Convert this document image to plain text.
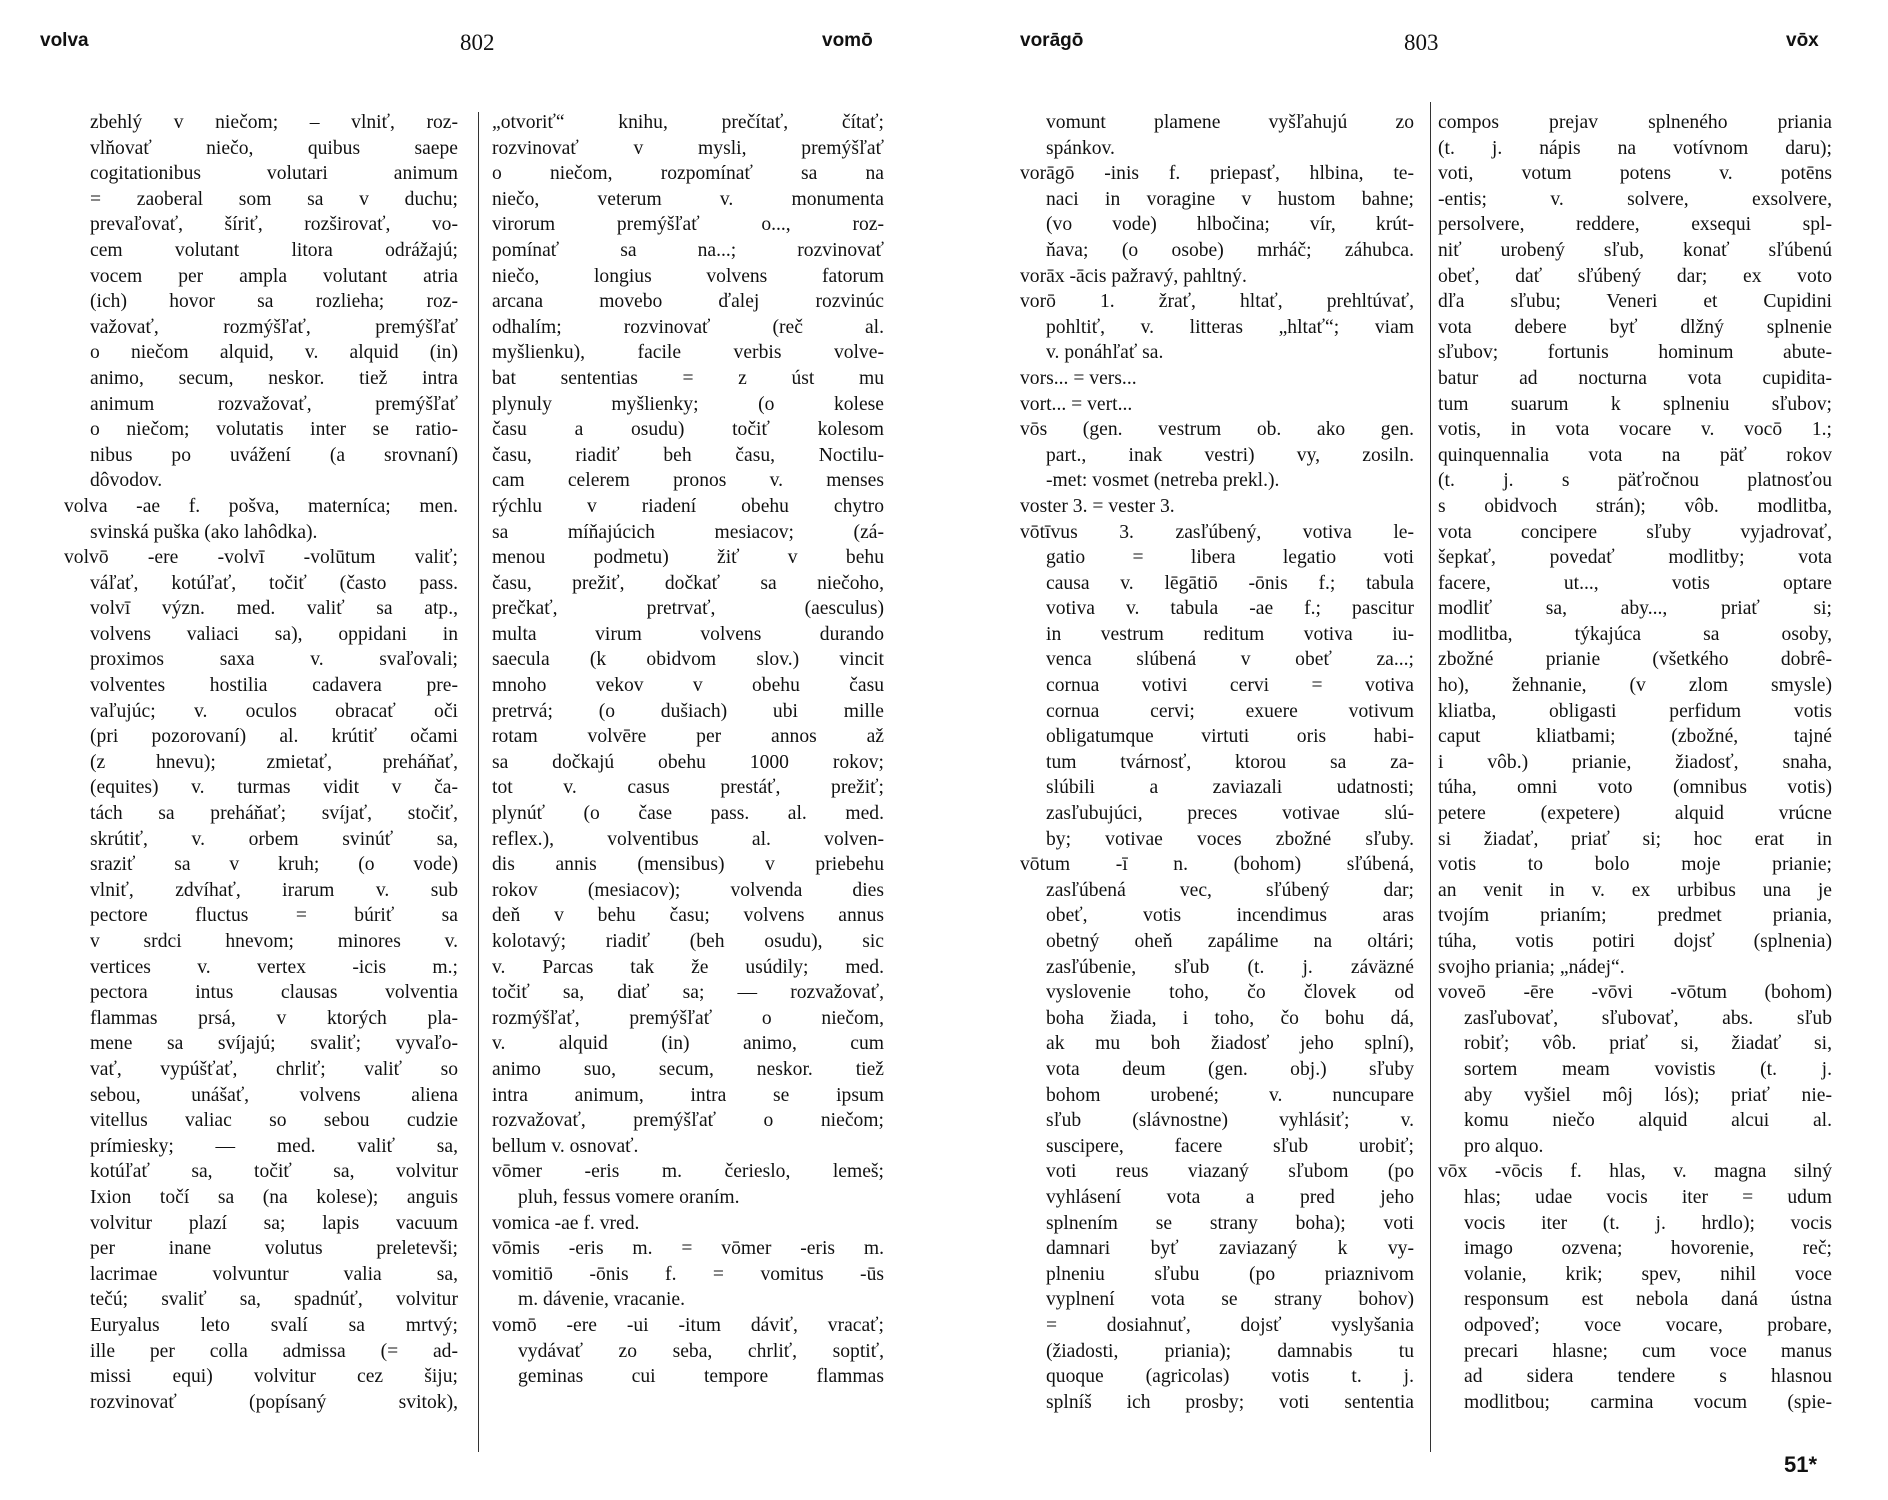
volva	802	vomō
zbehlý v niečom; – vlniť, roz-
vlňovať niečo, quibus saepe
cogitationibus volutari animum
= zaoberal som sa v duchu;
prevaľovať, šíriť, rozširovať, vo-
cem volutant litora odrážajú;
vocem per ampla volutant atria
(ich) hovor sa rozlieha; roz-
važovať, rozmýšľať, premýšľať
o niečom alquid, v. alquid (in)
animo, secum, neskor. tiež intra
animum rozvažovať, premýšľať
o niečom; volutatis inter se ratio-
nibus po uvážení (a srovnaní)
dôvodov.
volva -ae f. pošva, materníca; men.
svinská puška (ako lahôdka).
volvō -ere -volvī -volūtum valiť;
váľať, kotúľať, točiť (často pass.
volvī význ. med. valiť sa atp.,
volvens valiaci sa), oppidani in
proximos saxa v. svaľovali;
volventes hostilia cadavera pre-
vaľujúc; v. oculos obracať oči
(pri pozorovaní) al. krútiť očami
(z hnevu); zmietať, preháňať,
(equites) v. turmas vidit v ča-
tách sa preháňať; svíjať, stočiť,
skrútiť, v. orbem svinúť sa,
sraziť sa v kruh; (o vode)
vlniť, zdvíhať, irarum v. sub
pectore fluctus = búriť sa
v srdci hnevom; minores v.
vertices v. vertex -icis m.;
pectora intus clausas volventia
flammas prsá, v ktorých pla-
mene sa svíjajú; svaliť; vyvaľo-
vať, vypúšťať, chrliť; valiť so
sebou, unášať, volvens aliena
vitellus valiac so sebou cudzie
prímiesky; — med. valiť sa,
kotúľať sa, točiť sa, volvitur
Ixion točí sa (na kolese); anguis
volvitur plazí sa; lapis vacuum
per inane volutus preletevši;
lacrimae volvuntur valia sa,
tečú; svaliť sa, spadnúť, volvitur
Euryalus leto svalí sa mrtvý;
ille per colla admissa (= ad-
missi equi) volvitur cez šiju;
rozvinovať (popísaný svitok),
„otvoriť“ knihu, prečítať, čítať;
rozvinovať v mysli, premýšľať
o niečom, rozpomínať sa na
niečo, veterum v. monumenta
virorum premýšľať o..., roz-
pomínať sa na...; rozvinovať
niečo, longius volvens fatorum
arcana movebo ďalej rozvinúc
odhalím; rozvinovať (reč al.
myšlienku), facile verbis volve-
bat sententias = z úst mu
plynuly myšlienky; (o kolese
času a osudu) točiť kolesom
času, riadiť beh času, Noctilu-
cam celerem pronos v. menses
rýchlu v riadení obehu chytro
sa míňajúcich mesiacov; (zá-
menou podmetu) žiť v behu
času, prežiť, dočkať sa niečoho,
prečkať, pretrvať, (aesculus)
multa virum volvens durando
saecula (k obidvom slov.) vincit
mnoho vekov v obehu času
pretrvá; (o dušiach) ubi mille
rotam volvēre per annos až
sa dočkajú obehu 1000 rokov;
tot v. casus prestáť, prežiť;
plynúť (o čase pass. al. med.
reflex.), volventibus al. volven-
dis annis (mensibus) v priebehu
rokov (mesiacov); volvenda dies
deň v behu času; volvens annus
kolotavý; riadiť (beh osudu), sic
v. Parcas tak že usúdily; med.
točiť sa, diať sa; — rozvažovať,
rozmýšľať, premýšľať o niečom,
v. alquid (in) animo, cum
animo suo, secum, neskor. tiež
intra animum, intra se ipsum
rozvažovať, premýšľať o niečom;
bellum v. osnovať.
vōmer -eris m. čerieslo, lemeš;
pluh, fessus vomere oraním.
vomica -ae f. vred.
vōmis -eris m. = vōmer -eris m.
vomitiō -ōnis f. = vomitus -ūs
m. dávenie, vracanie.
vomō -ere -ui -itum dáviť, vracať;
vydávať zo seba, chrliť, soptiť,
geminas cui tempore flammas
vorāgō	803	vōx
vomunt plamene vyšľahujú zo
spánkov.
vorāgō -inis f. priepasť, hlbina, te-
naci in voragine v hustom bahne;
(vo vode) hlbočina; vír, krút-
ňava; (o osobe) mrháč; záhubca.
vorāx -ācis pažravý, pahltný.
vorō 1. žrať, hltať, prehltúvať,
pohltiť, v. litteras „hltať“; viam
v. ponáhľať sa.
vors... = vers...
vort... = vert...
vōs (gen. vestrum ob. ako gen.
part., inak vestri) vy, zosiln.
-met: vosmet (netreba prekl.).
voster 3. = vester 3.
vōtīvus 3. zasľúbený, votiva le-
gatio = libera legatio voti
causa v. lēgātiō -ōnis f.; tabula
votiva v. tabula -ae f.; pascitur
in vestrum reditum votiva iu-
venca slúbená v obeť za...;
cornua votivi cervi = votiva
cornua cervi; exuere votivum
obligatumque virtuti oris habi-
tum tvárnosť, ktorou sa za-
slúbili a zaviazali udatnosti;
zasľubujúci, preces votivae slú-
by; votivae voces zbožné sľuby.
vōtum -ī n. (bohom) sľúbená,
zasľúbená vec, sľúbený dar;
obeť, votis incendimus aras
obetný oheň zapálime na oltári;
zasľúbenie, sľub (t. j. záväzné
vyslovenie toho, čo človek od
boha žiada, i toho, čo bohu dá,
ak mu boh žiadosť jeho splní),
vota deum (gen. obj.) sľuby
bohom urobené; v. nuncupare
sľub (slávnostne) vyhlásiť; v.
suscipere, facere sľub urobiť;
voti reus viazaný sľubom (po
vyhlásení vota a pred jeho
splnením se strany boha); voti
damnari byť zaviazaný k vy-
plneniu sľubu (po priaznivom
vyplnení vota se strany bohov)
= dosiahnuť, dojsť vyslyšania
(žiadosti, priania); damnabis tu
quoque (agricolas) votis t. j.
splníš ich prosby; voti sententia
compos prejav splneného priania
(t. j. nápis na votívnom daru);
voti, votum potens v. potēns
-entis; v. solvere, exsolvere,
persolvere, reddere, exsequi spl-
niť urobený sľub, konať sľúbenú
obeť, dať sľúbený dar; ex voto
dľa sľubu; Veneri et Cupidini
vota debere byť dlžný splnenie
sľubov; fortunis hominum abute-
batur ad nocturna vota cupidita-
tum suarum k splneniu sľubov;
votis, in vota vocare v. vocō 1.;
quinquennalia vota na päť rokov
(t. j. s päťročnou platnosťou
s obidvoch strán); vôb. modlitba,
vota concipere sľuby vyjadrovať,
šepkať, povedať modlitby; vota
facere, ut..., votis optare
modliť sa, aby..., priať si;
modlitba, týkajúca sa osoby,
zbožné prianie (všetkého dobrê-
ho), žehnanie, (v zlom smysle)
kliatba, obligasti perfidum votis
caput kliatbami; (zbožné, tajné
i vôb.) prianie, žiadosť, snaha,
túha, omni voto (omnibus votis)
petere (expetere) alquid vrúcne
si žiadať, priať si; hoc erat in
votis to bolo moje prianie;
an venit in v. ex urbibus una je
tvojím prianím; predmet priania,
túha, votis potiri dojsť (splnenia)
svojho priania; „nádej“.
voveō -ēre -vōvi -vōtum (bohom)
zasľubovať, sľubovať, abs. sľub
robiť; vôb. priať si, žiadať si,
sortem meam vovistis (t. j.
aby vyšiel môj lós); priať nie-
komu niečo alquid alcui al.
pro alquo.
vōx -vōcis f. hlas, v. magna silný
hlas; udae vocis iter = udum
vocis iter (t. j. hrdlo); vocis
imago ozvena; hovorenie, reč;
volanie, krik; spev, nihil voce
responsum est nebola daná ústna
odpoveď; voce vocare, probare,
precari hlasne; cum voce manus
ad sidera tendere s hlasnou
modlitbou; carmina vocum (spie-
51*
